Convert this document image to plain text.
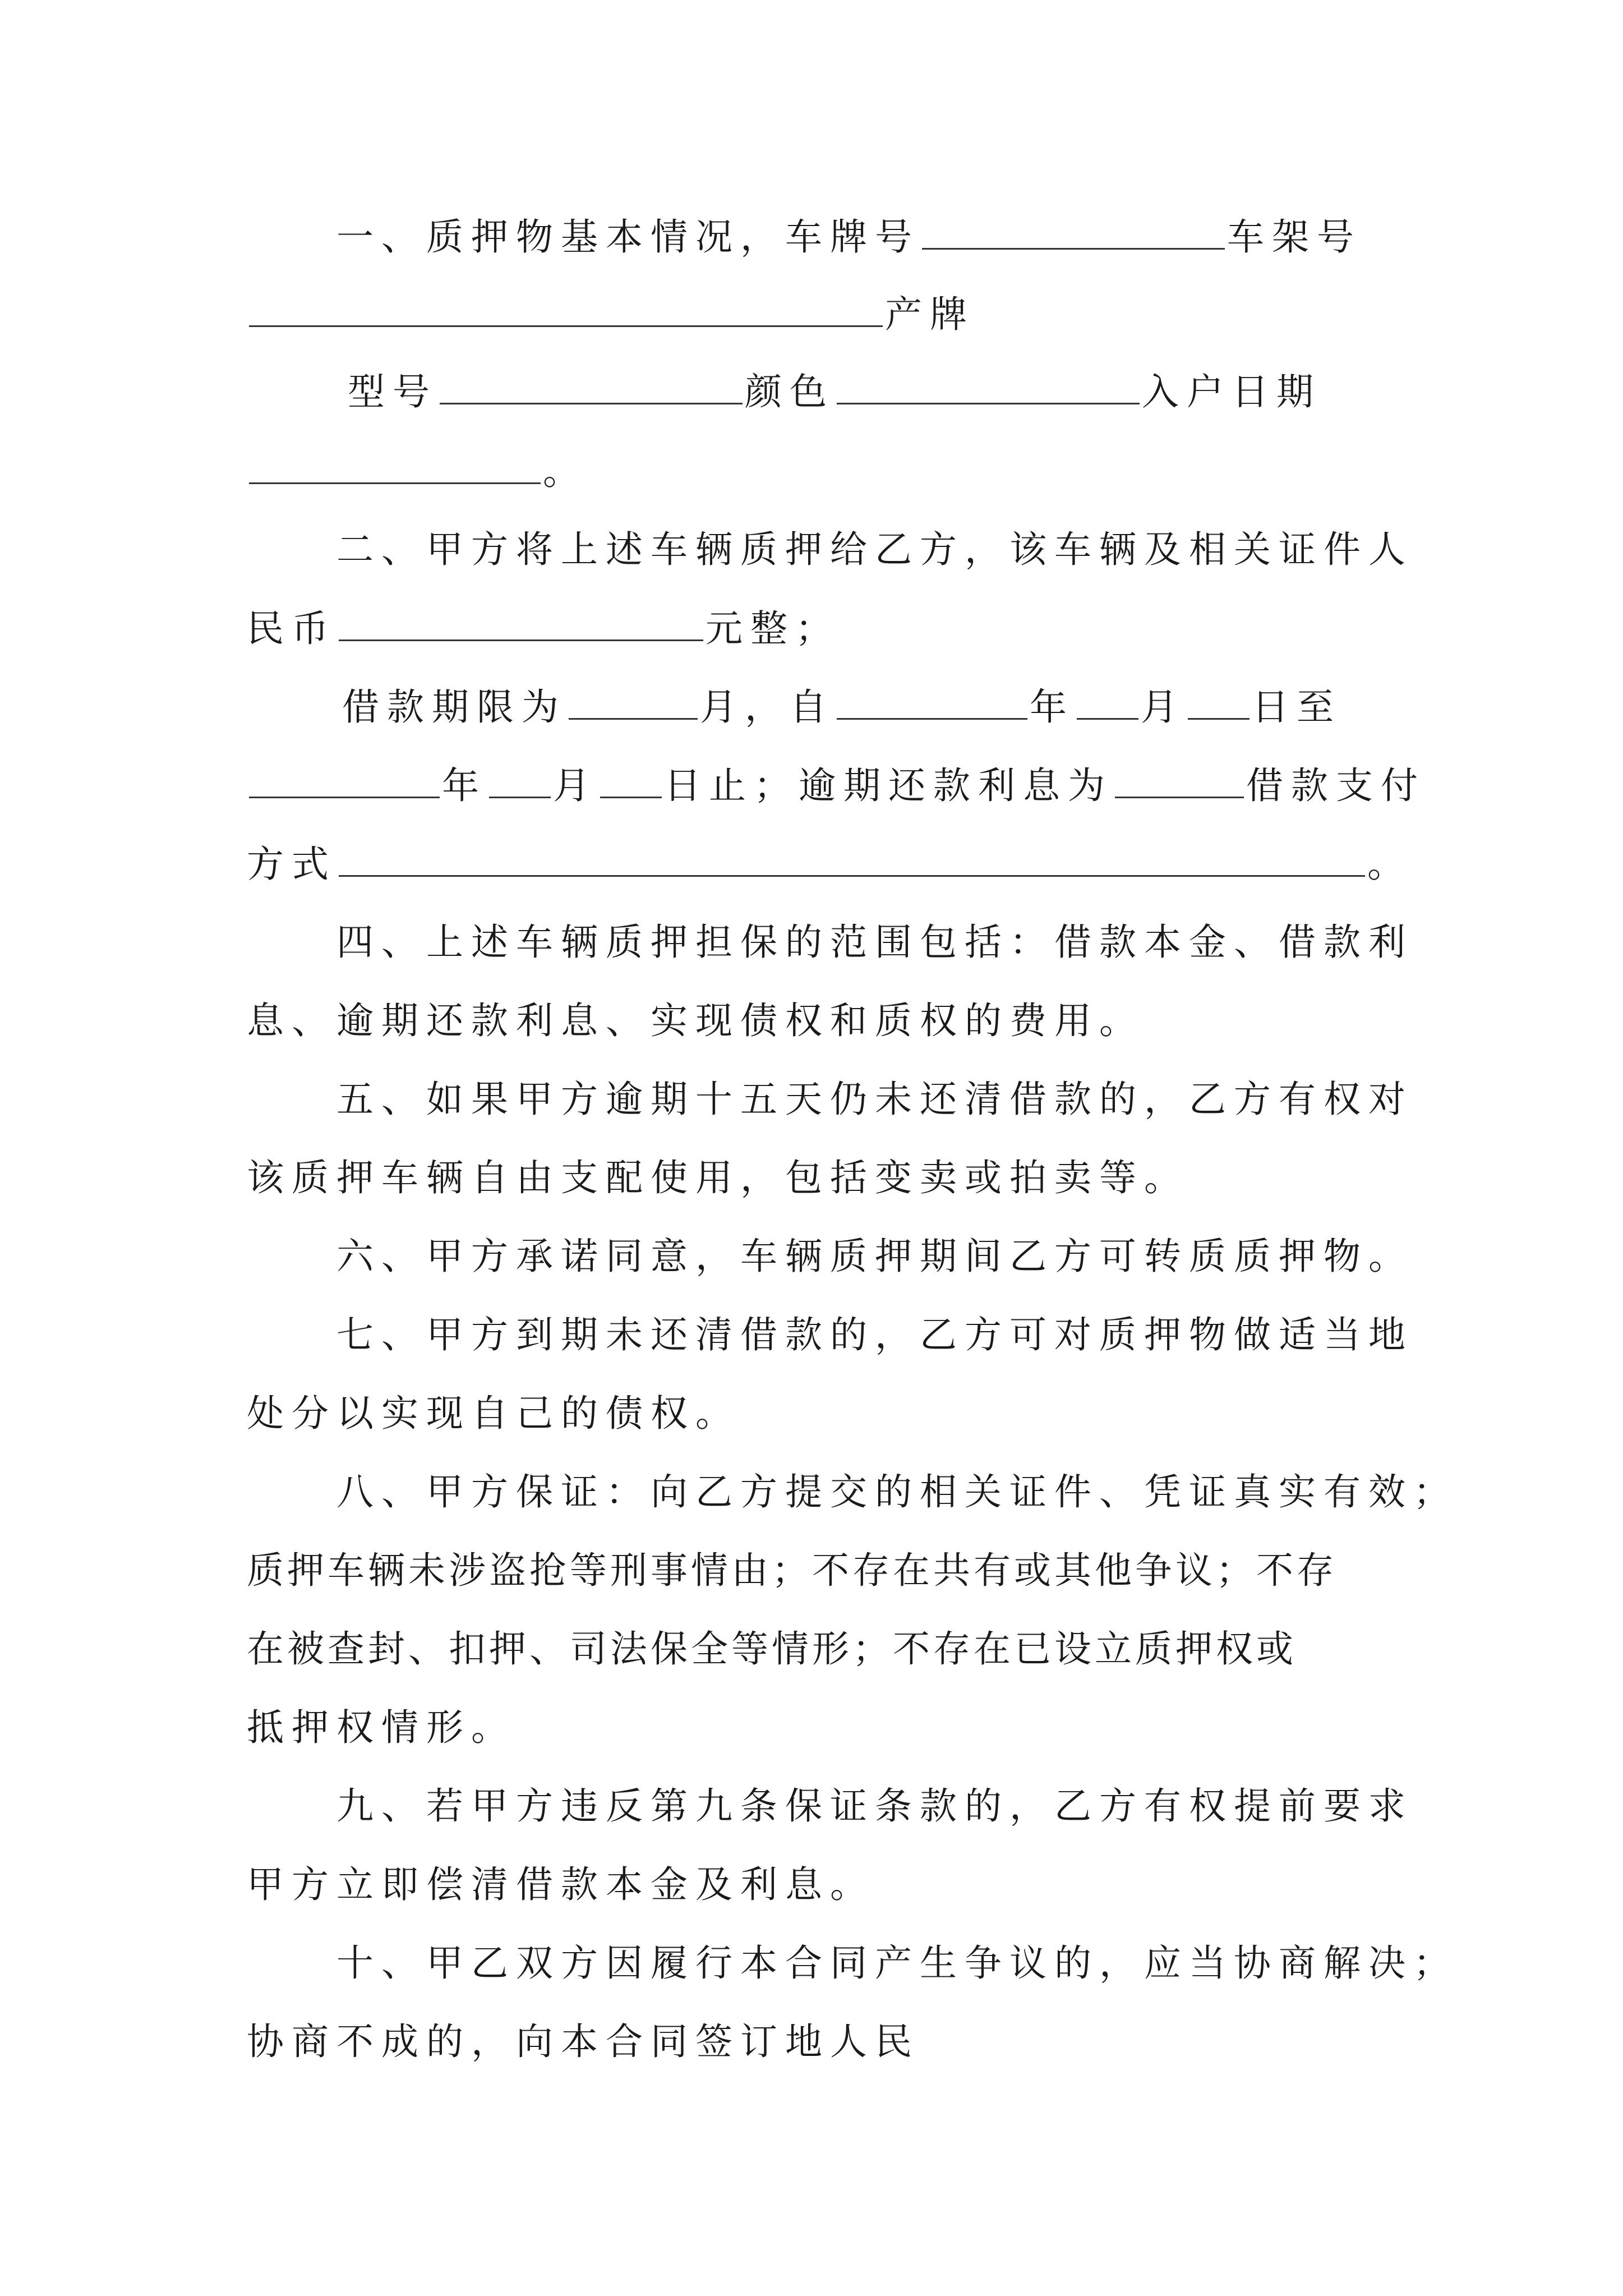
一、质押物基本情况，车牌号	车架号
产牌
型号	颜色	入户日期
。
二、甲方将上述车辆质押给乙方，该车辆及相关证件人
民币	元整；
借款期限为	月，自	年 月 日至
年 月 日止；逾期还款利息为	借款支付
方式	。
四、上述车辆质押担保的范围包括：借款本金、借款利
息、逾期还款利息、实现债权和质权的费用。
五、如果甲方逾期十五天仍未还清借款的，乙方有权对
该质押车辆自由支配使用，包括变卖或拍卖等。
六、甲方承诺同意，车辆质押期间乙方可转质质押物。
七、甲方到期未还清借款的，乙方可对质押物做适当地
处分以实现自己的债权。
八、甲方保证：向乙方提交的相关证件、凭证真实有效；
质押车辆未涉盗抢等刑事情由；不存在共有或其他争议；不存
在被查封、扣押、司法保全等情形；不存在已设立质押权或
抵押权情形。
九、若甲方违反第九条保证条款的，乙方有权提前要求
甲方立即偿清借款本金及利息。
十、甲乙双方因履行本合同产生争议的，应当协商解决；
协商不成的，向本合同签订地人民
